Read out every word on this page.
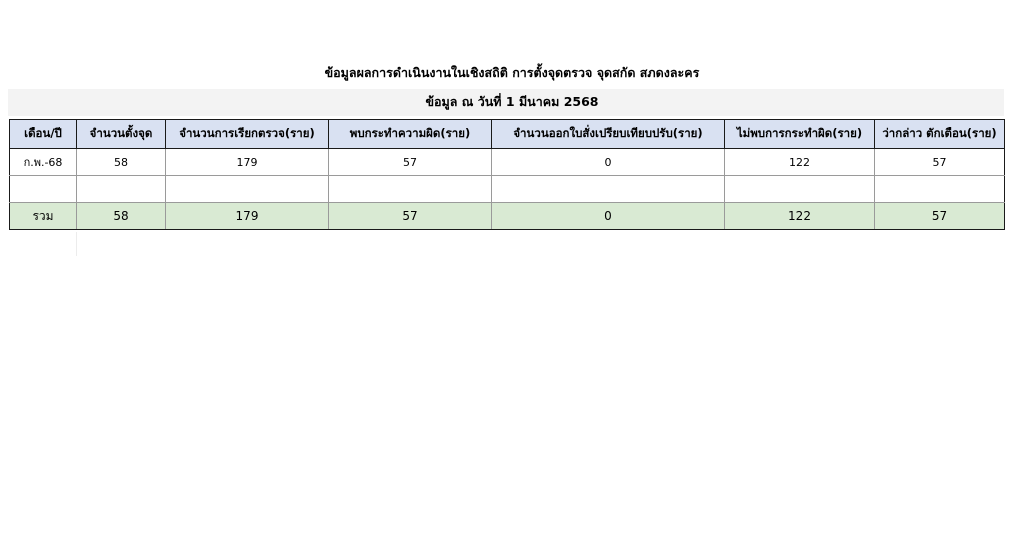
ข้อมูลผลการดำเนินงานในเชิงสถิติ การตั้งจุดตรวจ จุดสกัด สภดงละคร
ข้อมูล ณ วันที่ 1 มีนาคม 2568
เดือน/ปี	จำนวนตั้งจุด	จำนวนการเรียกตรวจ(ราย)	พบกระทำความผิด(ราย)	จำนวนออกใบสั่งเปรียบเทียบปรับ(ราย)	ไม่พบการกระทำผิด(ราย)	ว่ากล่าว ตักเตือน(ราย)
ก.พ.-68	58	179	57	0	122	57

รวม	58	179	57	0	122	57
